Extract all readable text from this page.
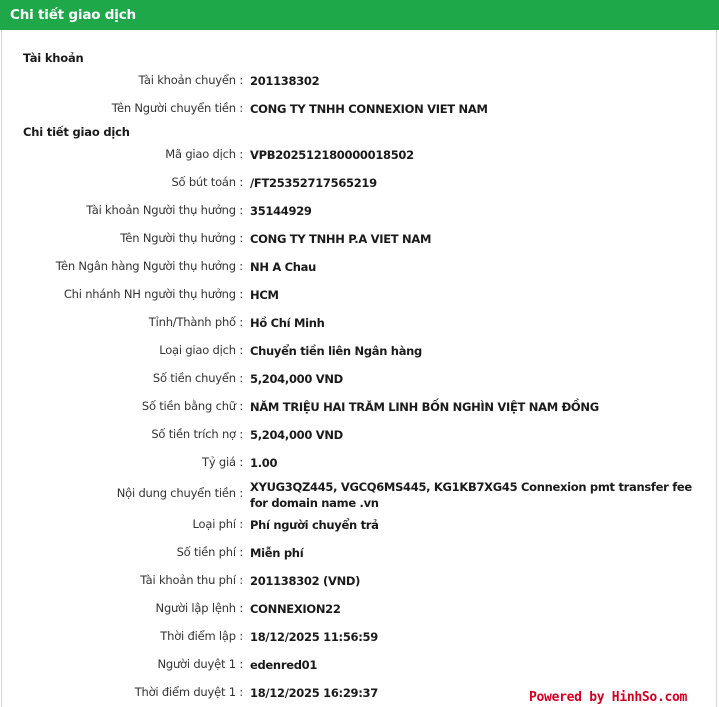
Chi tiết giao dịch
Tài khoản
Tài khoản chuyển : 201138302
Tên Người chuyển tiền : CONG TY TNHH CONNEXION VIET NAM
Chi tiết giao dịch
Mã giao dịch : VPB202512180000018502
Số bút toán : /FT25352717565219
Tài khoản Người thụ hưởng : 35144929
Tên Người thụ hưởng : CONG TY TNHH P.A VIET NAM
Tên Ngân hàng Người thụ hưởng : NH A Chau
Chi nhánh NH người thụ hưởng : HCM
Tỉnh/Thành phố : Hồ Chí Minh
Loại giao dịch : Chuyển tiền liên Ngân hàng
Số tiền chuyển : 5,204,000 VND
Số tiền bằng chữ : NĂM TRIỆU HAI TRĂM LINH BỐN NGHÌN VIỆT NAM ĐỒNG
Số tiền trích nợ : 5,204,000 VND
Tỷ giá : 1.00
Nội dung chuyển tiền : XYUG3QZ445, VGCQ6MS445, KG1KB7XG45 Connexion pmt transfer fee for domain name .vn
Loại phí : Phí người chuyển trả
Số tiền phí : Miễn phí
Tài khoản thu phí : 201138302 (VND)
Người lập lệnh : CONNEXION22
Thời điểm lập : 18/12/2025 11:56:59
Người duyệt 1 : edenred01
Thời điểm duyệt 1 : 18/12/2025 16:29:37	Powered by HinhSo.com
